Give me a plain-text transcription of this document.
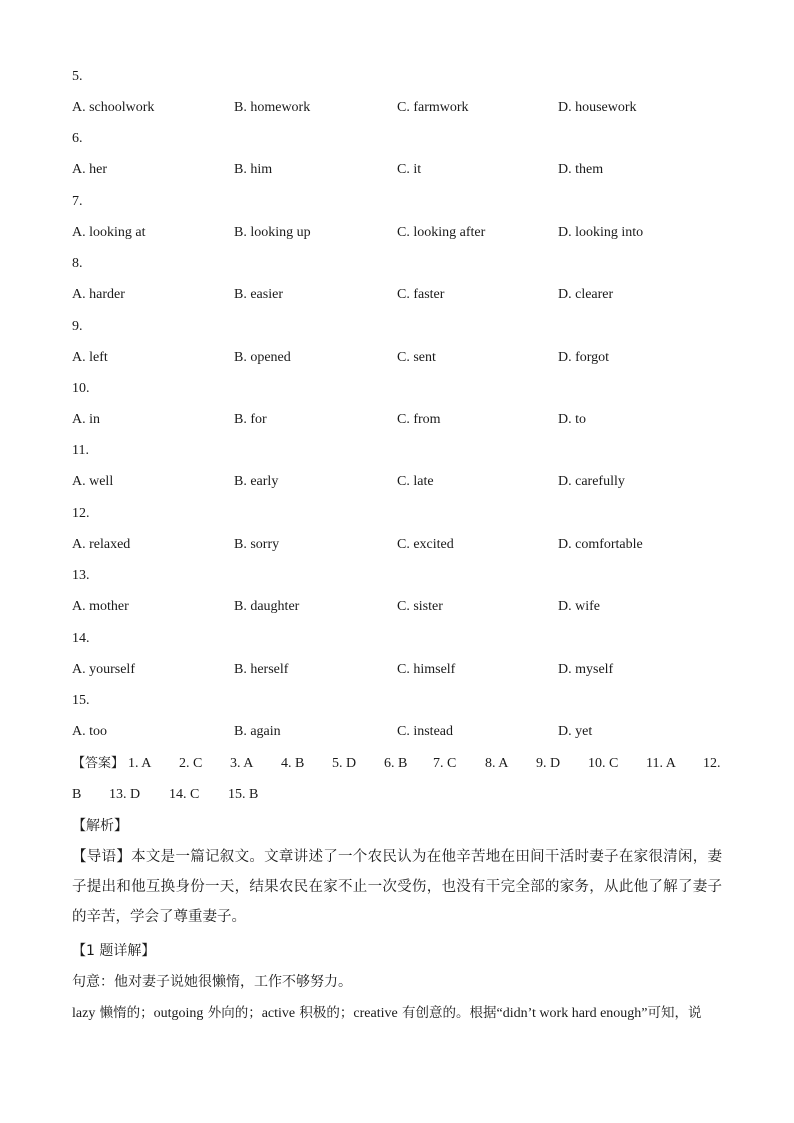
5.
A. schoolwork	B. homework	C. farmwork	D. housework
6.
A. her	B. him	C. it	D. them
7.
A. looking at	B. looking up	C. looking after	D. looking into
8.
A. harder	B. easier	C. faster	D. clearer
9.
A. left	B. opened	C. sent	D. forgot
10.
A. in	B. for	C. from	D. to
11.
A. well	B. early	C. late	D. carefully
12.
A. relaxed	B. sorry	C. excited	D. comfortable
13.
A. mother	B. daughter	C. sister	D. wife
14.
A. yourself	B. herself	C. himself	D. myself
15.
A. too	B. again	C. instead	D. yet
【答案】 1. A 2. C 3. A 4. B 5. D 6. B 7. C 8. A 9. D 10. C 11. A 12.
B 13. D 14. C 15. B
【解析】
【导语】本文是一篇记叙文。文章讲述了一个农民认为在他辛苦地在田间干活时妻子在家很清闲，妻子提出和他互换身份一天，结果农民在家不止一次受伤，也没有干完全部的家务，从此他了解了妻子的辛苦，学会了尊重妻子。
【1 题详解】
句意：他对妻子说她很懒惰，工作不够努力。
lazy 懒惰的；outgoing 外向的；active 积极的；creative 有创意的。根据“didn’t work hard enough”可知，说
